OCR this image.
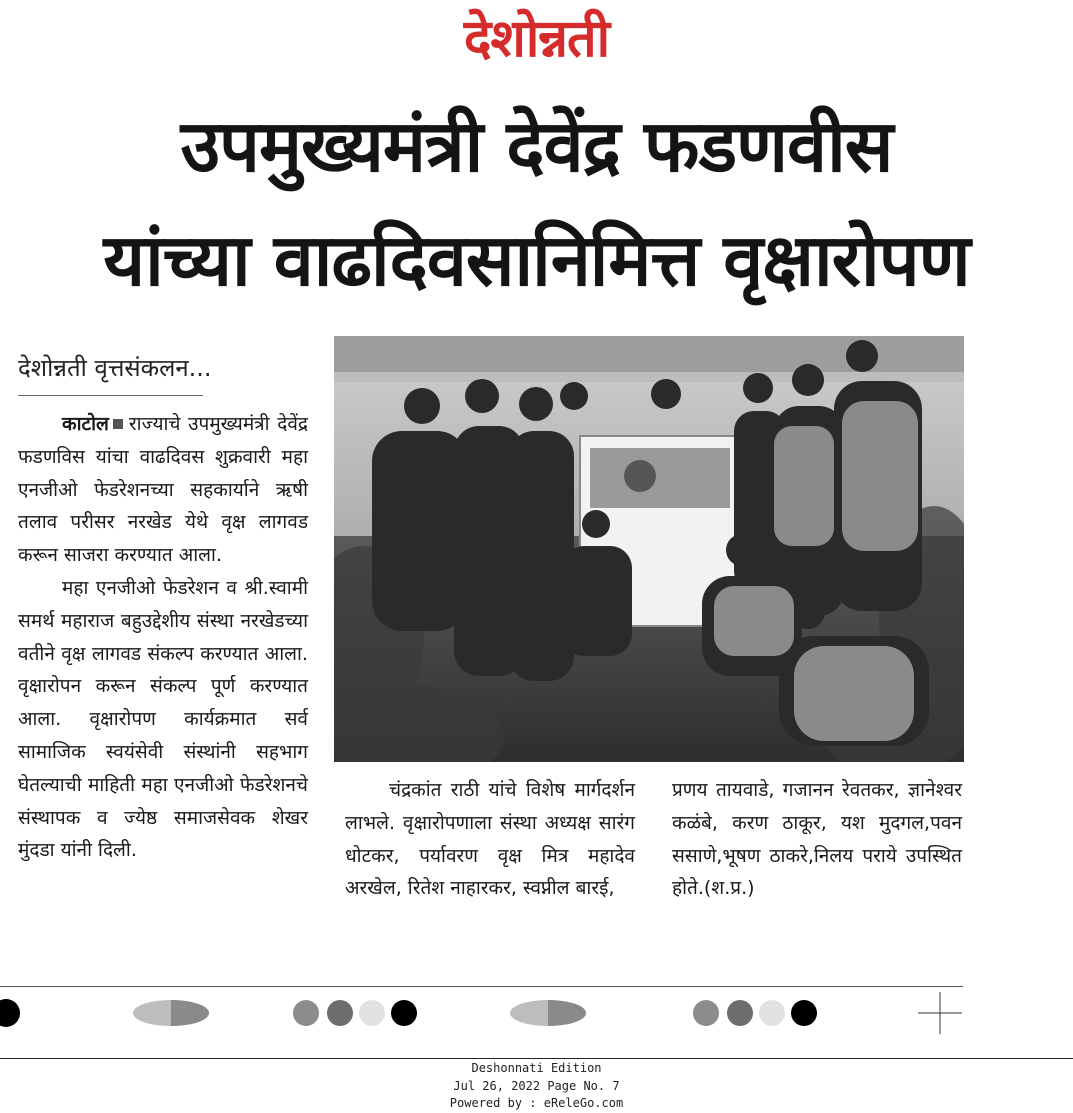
देशोन्नती
उपमुख्यमंत्री देवेंद्र फडणवीस
यांच्या वाढदिवसानिमित्त वृक्षारोपण
देशोन्नती वृत्तसंकलन...

काटोल राज्याचे उपमुख्यमंत्री देवेंद्र फडणविस यांचा वाढदिवस शुक्रवारी महा एनजीओ फेडरेशनच्या सहकार्याने ऋषी तलाव परीसर नरखेड येथे वृक्ष लागवड करून साजरा करण्यात आला.

महा एनजीओ फेडरेशन व श्री.स्वामी समर्थ महाराज बहुउद्देशीय संस्था नरखेडच्या वतीने वृक्ष लागवड संकल्प करण्यात आला. वृक्षारोपन करून संकल्प पूर्ण करण्यात आला. वृक्षारोपण कार्यक्रमात सर्व सामाजिक स्वयंसेवी संस्थांनी सहभाग घेतल्याची माहिती महा एनजीओ फेडरेशनचे संस्थापक व ज्येष्ठ समाजसेवक शेखर मुंदडा यांनी दिली.

चंद्रकांत राठी यांचे विशेष मार्गदर्शन लाभले. वृक्षारोपणाला संस्था अध्यक्ष सारंग धोटकर, पर्यावरण वृक्ष मित्र महादेव अरखेल, रितेश नाहारकर, स्वप्नील बारई,

प्रणय तायवाडे, गजानन रेवतकर, ज्ञानेश्वर कळंबे, करण ठाकूर, यश मुदगल,पवन ससाणे,भूषण ठाकरे,निलय पराये उपस्थित होते.(श.प्र.)

Deshonnati Edition
Jul 26, 2022 Page No. 7
Powered by : eReleGo.com
